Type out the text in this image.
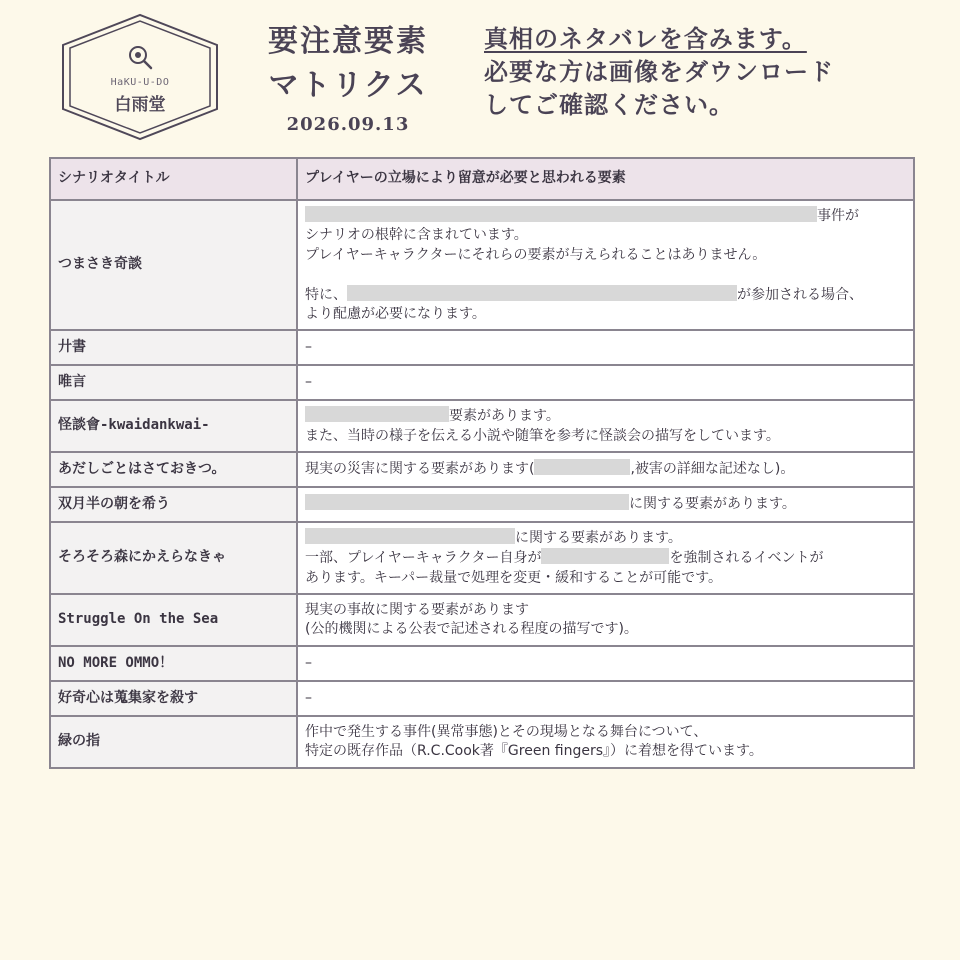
HaKU-U-DO
白雨堂
要注意要素
マトリクス
2026.09.13
真相のネタバレを含みます。
必要な方は画像をダウンロード
してご確認ください。
シナリオタイトル	プレイヤーの立場により留意が必要と思われる要素
つまさき奇談	事件が
シナリオの根幹に含まれています。
プレイヤーキャラクターにそれらの要素が与えられることはありません。

特に、 が参加される場合、
より配慮が必要になります。
廾書	–
唯言	–
怪談會-kwaidankwai-	要素があります。
また、当時の様子を伝える小説や随筆を参考に怪談会の描写をしています。
あだしごとはさておきつ。	現実の災害に関する要素があります( ,被害の詳細な記述なし)。
双月半の朝を希う	に関する要素があります。
そろそろ森にかえらなきゃ	に関する要素があります。
一部、プレイヤーキャラクター自身が を強制されるイベントが
あります。キーパー裁量で処理を変更・緩和することが可能です。
Struggle On the Sea	現実の事故に関する要素があります
(公的機関による公表で記述される程度の描写です)。
NO MORE OMMO！	–
好奇心は蒐集家を殺す	–
緑の指	作中で発生する事件(異常事態)とその現場となる舞台について、
特定の既存作品（R.C.Cook著『Green fingers』）に着想を得ています。
